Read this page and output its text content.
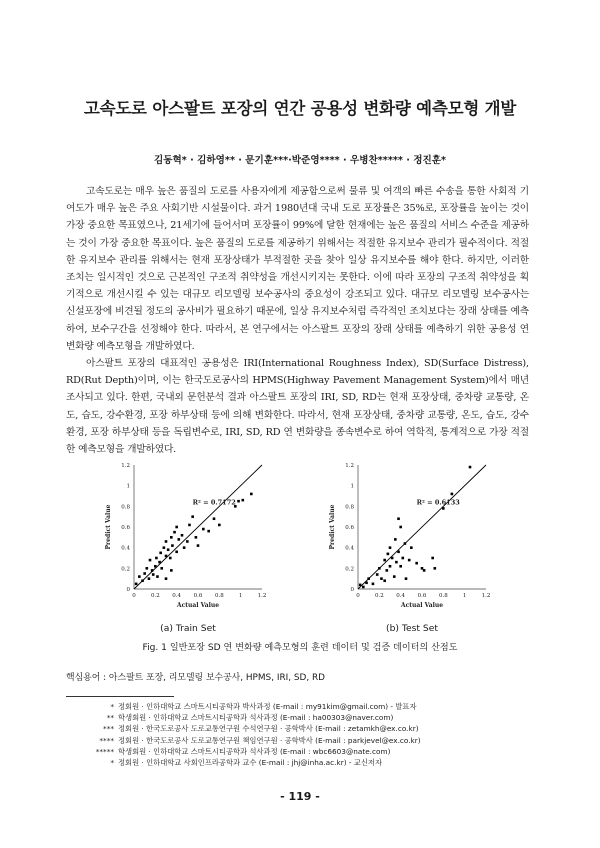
고속도로 아스팔트 포장의 연간 공용성 변화량 예측모형 개발

김동혁* · 김하영** · 문기훈***·박준영**** · 우병찬***** · 정진훈*

고속도로는 매우 높은 품질의 도로를 사용자에게 제공함으로써 물류 및 여객의 빠른 수송을 통한 사회적 기여도가 매우 높은 주요 사회기반 시설물이다. 과거 1980년대 국내 도로 포장률은 35%로, 포장률을 높이는 것이 가장 중요한 목표였으나, 21세기에 들어서며 포장률이 99%에 달한 현재에는 높은 품질의 서비스 수준을 제공하는 것이 가장 중요한 목표이다. 높은 품질의 도로를 제공하기 위해서는 적절한 유지보수 관리가 필수적이다. 적절한 유지보수 관리를 위해서는 현재 포장상태가 부적절한 곳을 찾아 일상 유지보수를 해야 한다. 하지만, 이러한 조치는 일시적인 것으로 근본적인 구조적 취약성을 개선시키지는 못한다. 이에 따라 포장의 구조적 취약성을 획기적으로 개선시킬 수 있는 대규모 리모델링 보수공사의 중요성이 강조되고 있다. 대규모 리모델링 보수공사는 신설포장에 비견될 정도의 공사비가 필요하기 때문에, 일상 유지보수처럼 즉각적인 조치보다는 장래 상태를 예측하여, 보수구간을 선정해야 한다. 따라서, 본 연구에서는 아스팔트 포장의 장래 상태를 예측하기 위한 공용성 연 변화량 예측모형을 개발하였다.

아스팔트 포장의 대표적인 공용성은 IRI(International Roughness Index), SD(Surface Distress), RD(Rut Depth)이며, 이는 한국도로공사의 HPMS(Highway Pavement Management System)에서 매년 조사되고 있다. 한편, 국내외 문헌분석 결과 아스팔트 포장의 IRI, SD, RD는 현재 포장상태, 중차량 교통량, 온도, 습도, 강수환경, 포장 하부상태 등에 의해 변화한다. 따라서, 현재 포장상태, 중차량 교통량, 온도, 습도, 강수환경, 포장 하부상태 등을 독립변수로, IRI, SD, RD 연 변화량을 종속변수로 하여 역학적, 통계적으로 가장 적절한 예측모형을 개발하였다.

0
0.2
0.4
0.6
0.8
1
1.2
0	0.2 0.4 0.6 0.8	1	1.2
Actual Value
Predict Value
R² = 0.7172
0
0.2
0.4
0.6
0.8
1
1.2
0	0.2 0.4 0.6 0.8	1	1.2
Actual Value
Predict Value
R² = 0.6133
(a) Train Set	(b) Test Set

Fig. 1 일반포장 SD 연 변화량 예측모형의 훈련 데이터 및 검증 데이터의 산점도

핵심용어 : 아스팔트 포장, 리모델링 보수공사, HPMS, IRI, SD, RD

* 정회원 · 인하대학교 스마트시티공학과 박사과정 (E-mail : my91kim@gmail.com) - 발표자
** 학생회원 · 인하대학교 스마트시티공학과 석사과정 (E-mail : ha00303@naver.com)
*** 정회원 · 한국도로공사 도로교통연구원 수석연구원 · 공학박사 (E-mail : zetamkh@ex.co.kr)
**** 정회원 · 한국도로공사 도로교통연구원 책임연구원 · 공학박사 (E-mail : parkjevel@ex.co.kr)
***** 학생회원 · 인하대학교 스마트시티공학과 석사과정 (E-mail : wbc6603@nate.com)
* 정회원 · 인하대학교 사회인프라공학과 교수 (E-mail : jhj@inha.ac.kr) - 교신저자

- 119 -
